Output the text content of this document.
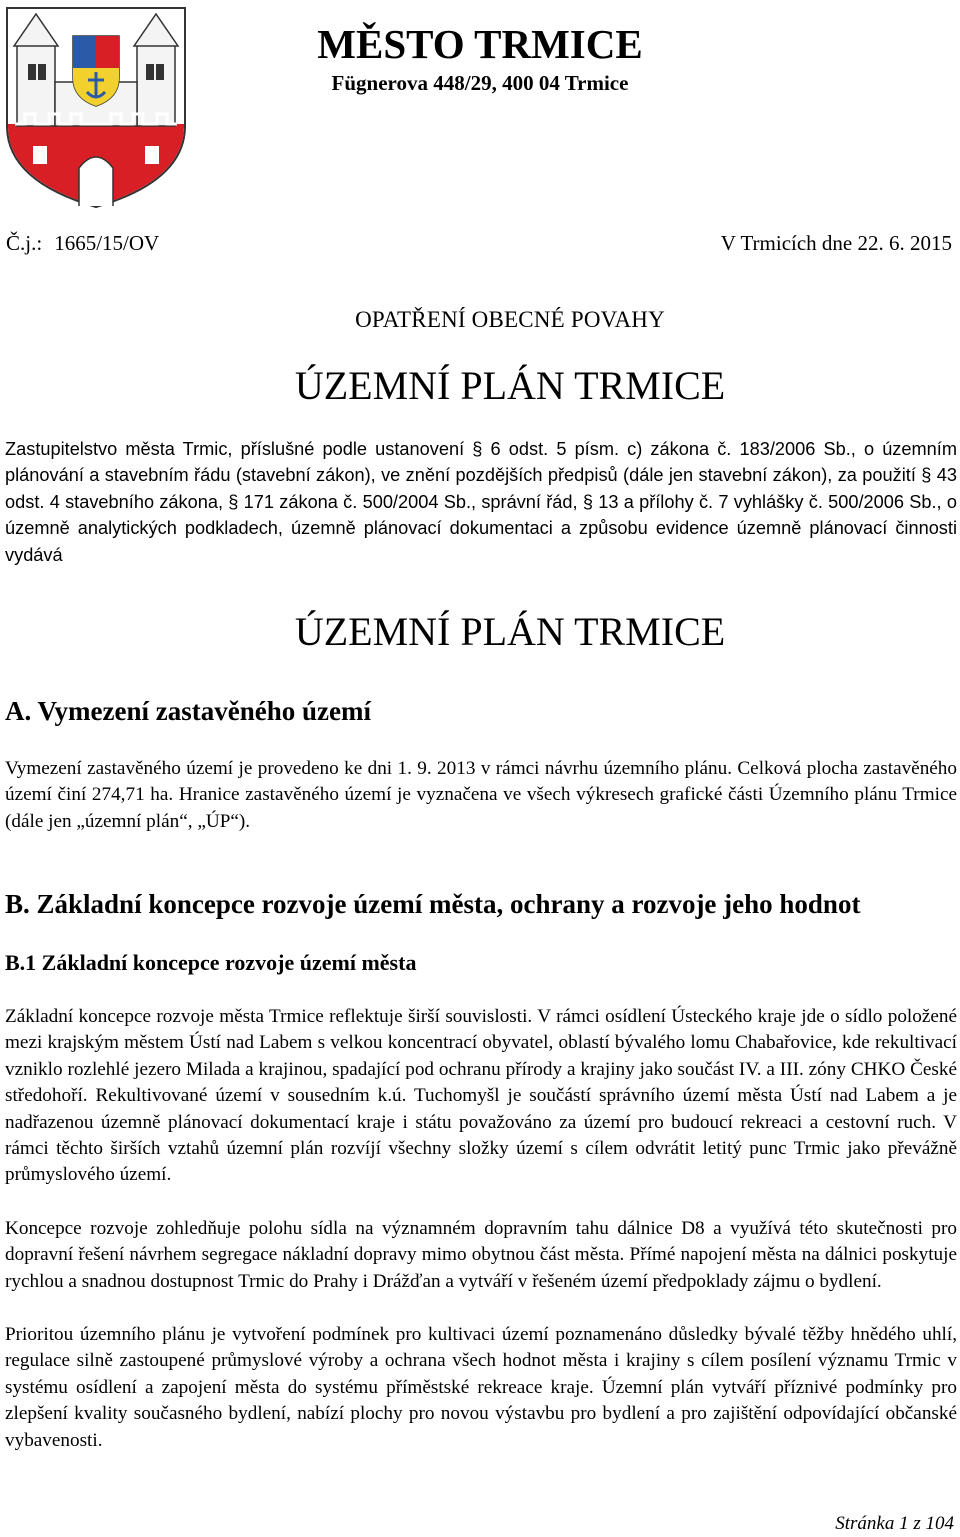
MĚSTO TRMICE
Fügnerova 448/29, 400 04 Trmice
Č.j.: 1665/15/OV	V Trmicích dne 22. 6. 2015
OPATŘENÍ OBECNÉ POVAHY
ÚZEMNÍ PLÁN TRMICE

Zastupitelstvo města Trmic, příslušné podle ustanovení § 6 odst. 5 písm. c) zákona č. 183/2006 Sb., o územním plánování a stavebním řádu (stavební zákon), ve znění pozdějších předpisů (dále jen stavební zákon), za použití § 43 odst. 4 stavebního zákona, § 171 zákona č. 500/2004 Sb., správní řád, § 13 a přílohy č. 7 vyhlášky č. 500/2006 Sb., o územně analytických podkladech, územně plánovací dokumentaci a způsobu evidence územně plánovací činnosti vydává

ÚZEMNÍ PLÁN TRMICE
A. Vymezení zastavěného území

Vymezení zastavěného území je provedeno ke dni 1. 9. 2013 v rámci návrhu územního plánu. Celková plocha zastavěného území činí 274,71 ha. Hranice zastavěného území je vyznačena ve všech výkresech grafické části Územního plánu Trmice (dále jen „územní plán“, „ÚP“).

B. Základní koncepce rozvoje území města, ochrany a rozvoje jeho hodnot
B.1 Základní koncepce rozvoje území města

Základní koncepce rozvoje města Trmice reflektuje širší souvislosti. V rámci osídlení Ústeckého kraje jde o sídlo položené mezi krajským městem Ústí nad Labem s velkou koncentrací obyvatel, oblastí bývalého lomu Chabařovice, kde rekultivací vzniklo rozlehlé jezero Milada a krajinou, spadající pod ochranu přírody a krajiny jako součást IV. a III. zóny CHKO České středohoří. Rekultivované území v sousedním k.ú. Tuchomyšl je součástí správního území města Ústí nad Labem a je nadřazenou územně plánovací dokumentací kraje i státu považováno za území pro budoucí rekreaci a cestovní ruch. V rámci těchto širších vztahů územní plán rozvíjí všechny složky území s cílem odvrátit letitý punc Trmic jako převážně průmyslového území.

Koncepce rozvoje zohledňuje polohu sídla na významném dopravním tahu dálnice D8 a využívá této skutečnosti pro dopravní řešení návrhem segregace nákladní dopravy mimo obytnou část města. Přímé napojení města na dálnici poskytuje rychlou a snadnou dostupnost Trmic do Prahy i Drážďan a vytváří v řešeném území předpoklady zájmu o bydlení.

Prioritou územního plánu je vytvoření podmínek pro kultivaci území poznamenáno důsledky bývalé těžby hnědého uhlí, regulace silně zastoupené průmyslové výroby a ochrana všech hodnot města i krajiny s cílem posílení významu Trmic v systému osídlení a zapojení města do systému příměstské rekreace kraje. Územní plán vytváří příznivé podmínky pro zlepšení kvality současného bydlení, nabízí plochy pro novou výstavbu pro bydlení a pro zajištění odpovídající občanské vybavenosti.

Stránka 1 z 104
